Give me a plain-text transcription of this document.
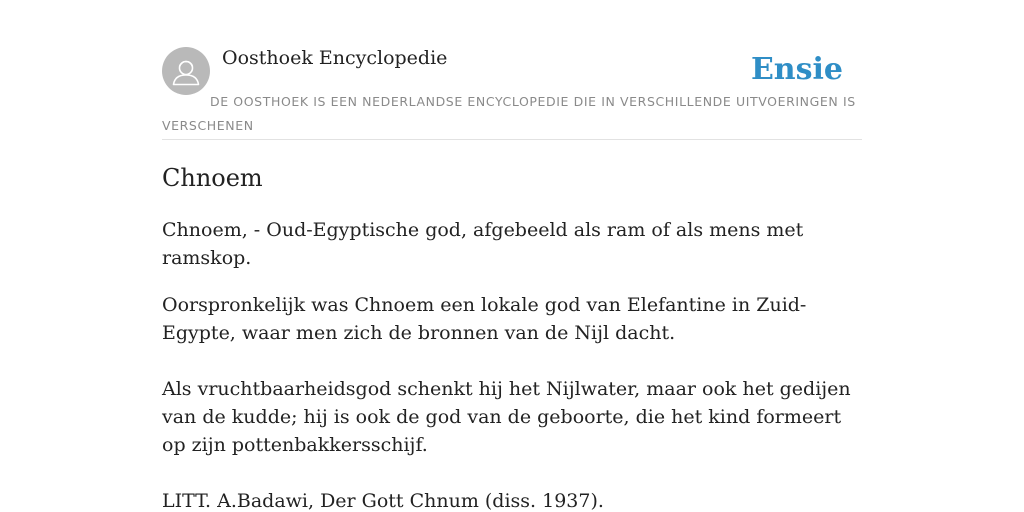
Oosthoek Encyclopedie	Ensie
DE OOSTHOEK IS EEN NEDERLANDSE ENCYCLOPEDIE DIE IN VERSCHILLENDE UITVOERINGEN IS VERSCHENEN
Chnoem

Chnoem, - Oud-Egyptische god, afgebeeld als ram of als mens met ramskop.

Oorspronkelijk was Chnoem een lokale god van Elefantine in Zuid-Egypte, waar men zich de bronnen van de Nijl dacht.

Als vruchtbaarheidsgod schenkt hij het Nijlwater, maar ook het gedijen van de kudde; hij is ook de god van de geboorte, die het kind formeert op zijn pottenbakkersschijf.

LITT. A.Badawi, Der Gott Chnum (diss. 1937).
